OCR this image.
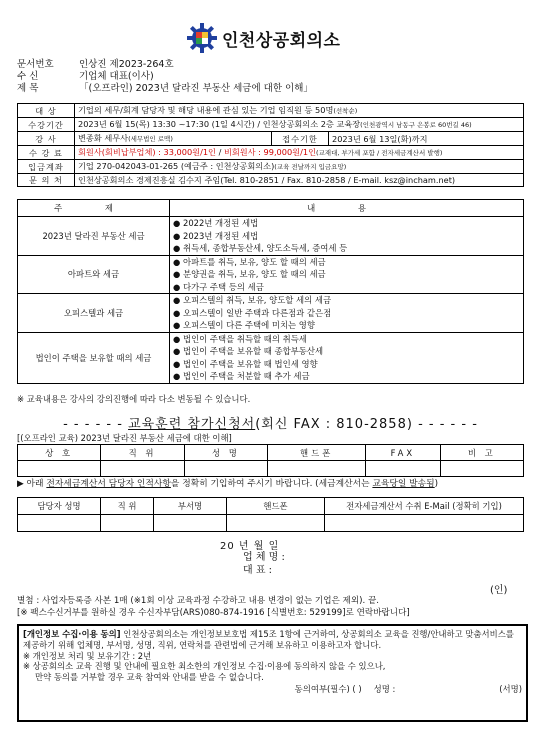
인천상공회의소
문서번호	인상진 제2023-264호
수 신	기업체 대표(이사)
제 목	「(오프라인) 2023년 달라진 부동산 세금에 대한 이해」
대 상	기업의 세무/회계 담당자 및 해당 내용에 관심 있는 기업 임직원 등 50명(선착순)		
수강기간	2023년 6월 15(목) 13:30 ~17:30 (1일 4시간) / 인천상공회의소 2층 교육장(인천광역시 남동구 은봉로 60번길 46)		
강 사	변종화 세무사(세무법인 로맥)	접수기한	2023년 6월 13일(화)까지
수 강 료	회원사(회비납부업체) : 33,000원/1인 / 비회원사 : 99,000원/1인(교재대, 부가세 포함 / 전자세금계산서 발행)		
입금계좌	기업 270-042043-01-265 (예금주 : 인천상공회의소)(교육 전날까지 입금요망)		
문 의 처	인천상공회의소 경제진흥실 김수지 주임(Tel. 810-2851 / Fax. 810-2858 / E-mail. ksz@incham.net)		
주 제	내 용
2023년 달라진 부동산 세금	● 2022년 개정된 세법
● 2023년 개정된 세법
● 취득세, 종합부동산세, 양도소득세, 증여세 등

아파트와 세금	● 아파트를 취득, 보유, 양도 할 때의 세금
● 분양권을 취득, 보유, 양도 할 때의 세금
● 다가구 주택 등의 세금

오피스텔과 세금	● 오피스텔의 취득, 보유, 양도할 세의 세금
● 오피스텔이 일반 주택과 다른점과 같은점
● 오피스텔이 다른 주택에 미치는 영향

법인이 주택을 보유할 때의 세금	● 법인이 주택을 취득할 때의 취득세
● 법인이 주택을 보유할 때 종합부동산세
● 법인이 주택을 보유할 때 법인세 영향
● 법인이 주택을 처분할 때 추가 세금
※ 교육내용은 강사의 강의진행에 따라 다소 변동될 수 있습니다.
- - - - - - 교육훈련 참가신청서(회신 FAX : 810-2858) - - - - - -
[(오프라인 교육) 2023년 달라진 부동산 세금에 대한 이해]
상 호	직 위	성 명	핸드폰	FAX	비 고

▶ 아래 전자세금계산서 담당자 인적사항을 정확히 기입하여 주시기 바랍니다. (세금계산서는 교육당일 발송됨)
담당자 성명	직 위	부서명	핸드폰	전자세금계산서 수취 E-Mail (정확히 기입)

20 년 월 일
업 체 명 :
대 표 :
(인)
별첨 : 사업자등록증 사본 1매 (※1회 이상 교육과정 수강하고 내용 변경이 없는 기업은 제외). 끝.
[※ 팩스수신거부를 원하실 경우 수신자부담(ARS)080-874-1916 [식별번호: 529199]로 연락바랍니다]
[개인정보 수집·이용 동의] 인천상공회의소는 개인정보보호법 제15조 1항에 근거하여, 상공회의소 교육을 진행/안내하고 맞춤서비스를 제공하기 위해 업체명, 부서명, 성명, 직위, 연락처를 관련법에 근거해 보유하고 이용하고자 합니다.
※ 개인정보 처리 및 보유기간 : 2년
※ 상공회의소 교육 진행 및 안내에 필요한 최소한의 개인정보 수집·이용에 동의하지 않을 수 있으나,
만약 동의를 거부할 경우 교육 참여와 안내를 받을 수 없습니다.
동의여부(필수) ( ) 성명 :	(서명)
